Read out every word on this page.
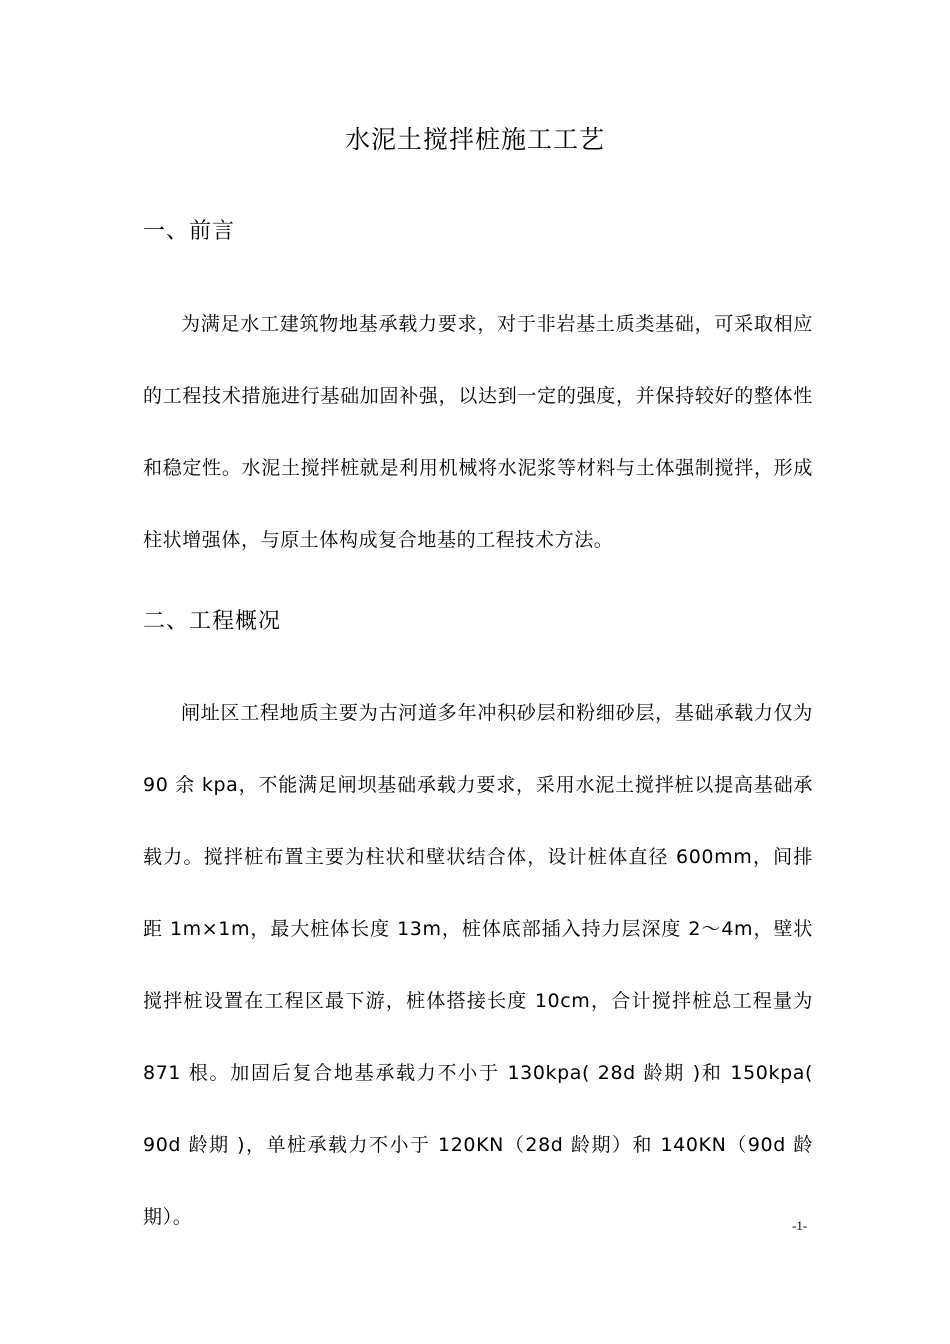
水泥土搅拌桩施工工艺
一、前言

为满足水工建筑物地基承载力要求，对于非岩基土质类基础，可采取相应的工程技术措施进行基础加固补强，以达到一定的强度，并保持较好的整体性和稳定性。水泥土搅拌桩就是利用机械将水泥浆等材料与土体强制搅拌，形成柱状增强体，与原土体构成复合地基的工程技术方法。

二、工程概况

闸址区工程地质主要为古河道多年冲积砂层和粉细砂层，基础承载力仅为 90 余 kpa，不能满足闸坝基础承载力要求，采用水泥土搅拌桩以提高基础承载力。搅拌桩布置主要为柱状和壁状结合体，设计桩体直径 600mm，间排距 1m×1m，最大桩体长度 13m，桩体底部插入持力层深度 2～4m，壁状搅拌桩设置在工程区最下游，桩体搭接长度 10cm，合计搅拌桩总工程量为 871 根。加固后复合地基承载力不小于 130kpa( 28d 龄期 )和 150kpa( 90d 龄期 )，单桩承载力不小于 120KN（28d 龄期）和 140KN（90d 龄期）。	-1-
